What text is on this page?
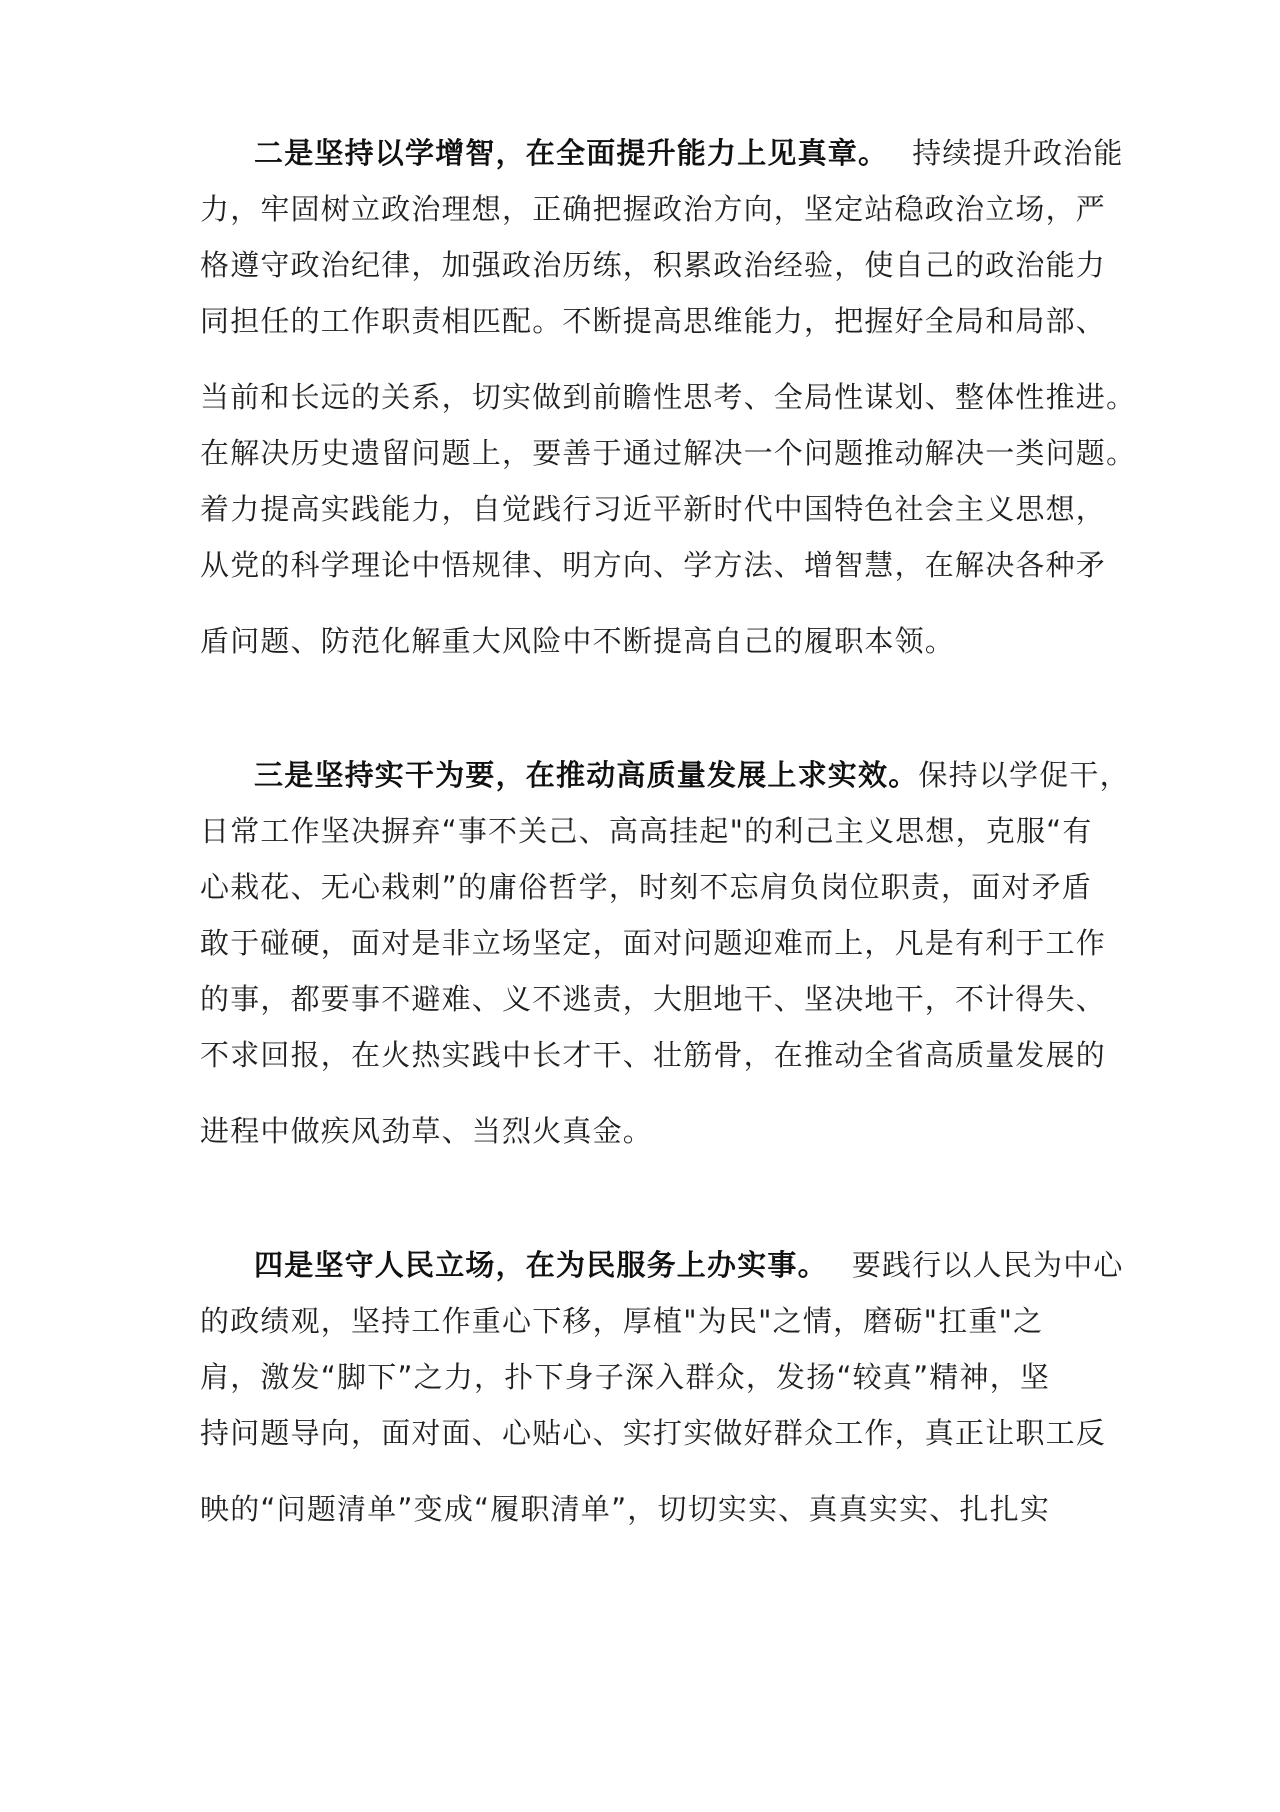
二是坚持以学增智，在全面提升能力上见真章。 持续提升政治能
力，牢固树立政治理想，正确把握政治方向，坚定站稳政治立场，严
格遵守政治纪律，加强政治历练，积累政治经验，使自己的政治能力
同担任的工作职责相匹配。不断提高思维能力，把握好全局和局部、
当前和长远的关系，切实做到前瞻性思考、全局性谋划、整体性推进。
在解决历史遗留问题上，要善于通过解决一个问题推动解决一类问题。
着力提高实践能力，自觉践行习近平新时代中国特色社会主义思想，
从党的科学理论中悟规律、明方向、学方法、增智慧，在解决各种矛
盾问题、防范化解重大风险中不断提高自己的履职本领。
三是坚持实干为要，在推动高质量发展上求实效。保持以学促干，
日常工作坚决摒弃“事不关己、高高挂起"的利己主义思想，克服“有
心栽花、无心栽刺”的庸俗哲学，时刻不忘肩负岗位职责，面对矛盾
敢于碰硬，面对是非立场坚定，面对问题迎难而上，凡是有利于工作
的事，都要事不避难、义不逃责，大胆地干、坚决地干，不计得失、
不求回报，在火热实践中长才干、壮筋骨，在推动全省高质量发展的
进程中做疾风劲草、当烈火真金。
四是坚守人民立场，在为民服务上办实事。 要践行以人民为中心
的政绩观，坚持工作重心下移，厚植"为民"之情，磨砺"扛重"之
肩，激发“脚下”之力，扑下身子深入群众，发扬“较真”精神，坚
持问题导向，面对面、心贴心、实打实做好群众工作，真正让职工反
映的“问题清单”变成“履职清单”，切切实实、真真实实、扎扎实
